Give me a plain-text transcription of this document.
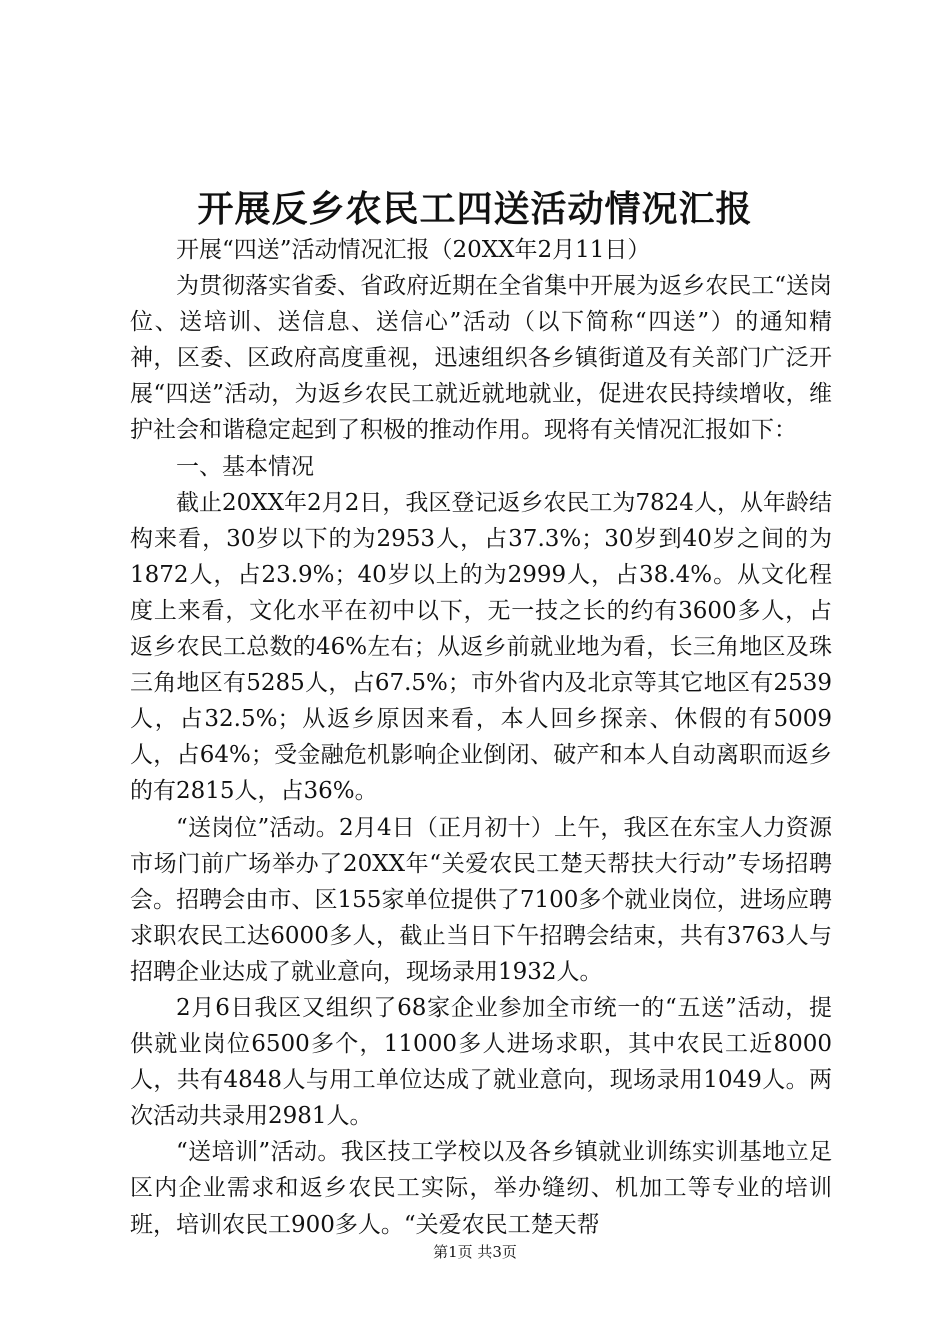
开展反乡农民工四送活动情况汇报

开展“四送”活动情况汇报（20XX年2月11日）

为贯彻落实省委、省政府近期在全省集中开展为返乡农民工“送岗位、送培训、送信息、送信心”活动（以下简称“四送”）的通知精神，区委、区政府高度重视，迅速组织各乡镇街道及有关部门广泛开展“四送”活动，为返乡农民工就近就地就业，促进农民持续增收，维护社会和谐稳定起到了积极的推动作用。现将有关情况汇报如下：

一、基本情况

截止20XX年2月2日，我区登记返乡农民工为7824人，从年龄结构来看，30岁以下的为2953人，占37.3%；30岁到40岁之间的为1872人，占23.9%；40岁以上的为2999人，占38.4%。从文化程度上来看，文化水平在初中以下，无一技之长的约有3600多人，占返乡农民工总数的46%左右；从返乡前就业地为看，长三角地区及珠三角地区有5285人，占67.5%；市外省内及北京等其它地区有2539人，占32.5%；从返乡原因来看，本人回乡探亲、休假的有5009人，占64%；受金融危机影响企业倒闭、破产和本人自动离职而返乡的有2815人，占36%。

“送岗位”活动。2月4日（正月初十）上午，我区在东宝人力资源市场门前广场举办了20XX年“关爱农民工楚天帮扶大行动”专场招聘会。招聘会由市、区155家单位提供了7100多个就业岗位，进场应聘求职农民工达6000多人，截止当日下午招聘会结束，共有3763人与招聘企业达成了就业意向，现场录用1932人。

2月6日我区又组织了68家企业参加全市统一的“五送”活动，提供就业岗位6500多个，11000多人进场求职，其中农民工近8000人，共有4848人与用工单位达成了就业意向，现场录用1049人。两次活动共录用2981人。

“送培训”活动。我区技工学校以及各乡镇就业训练实训基地立足区内企业需求和返乡农民工实际，举办缝纫、机加工等专业的培训班，培训农民工900多人。“关爱农民工楚天帮

第1页 共3页
